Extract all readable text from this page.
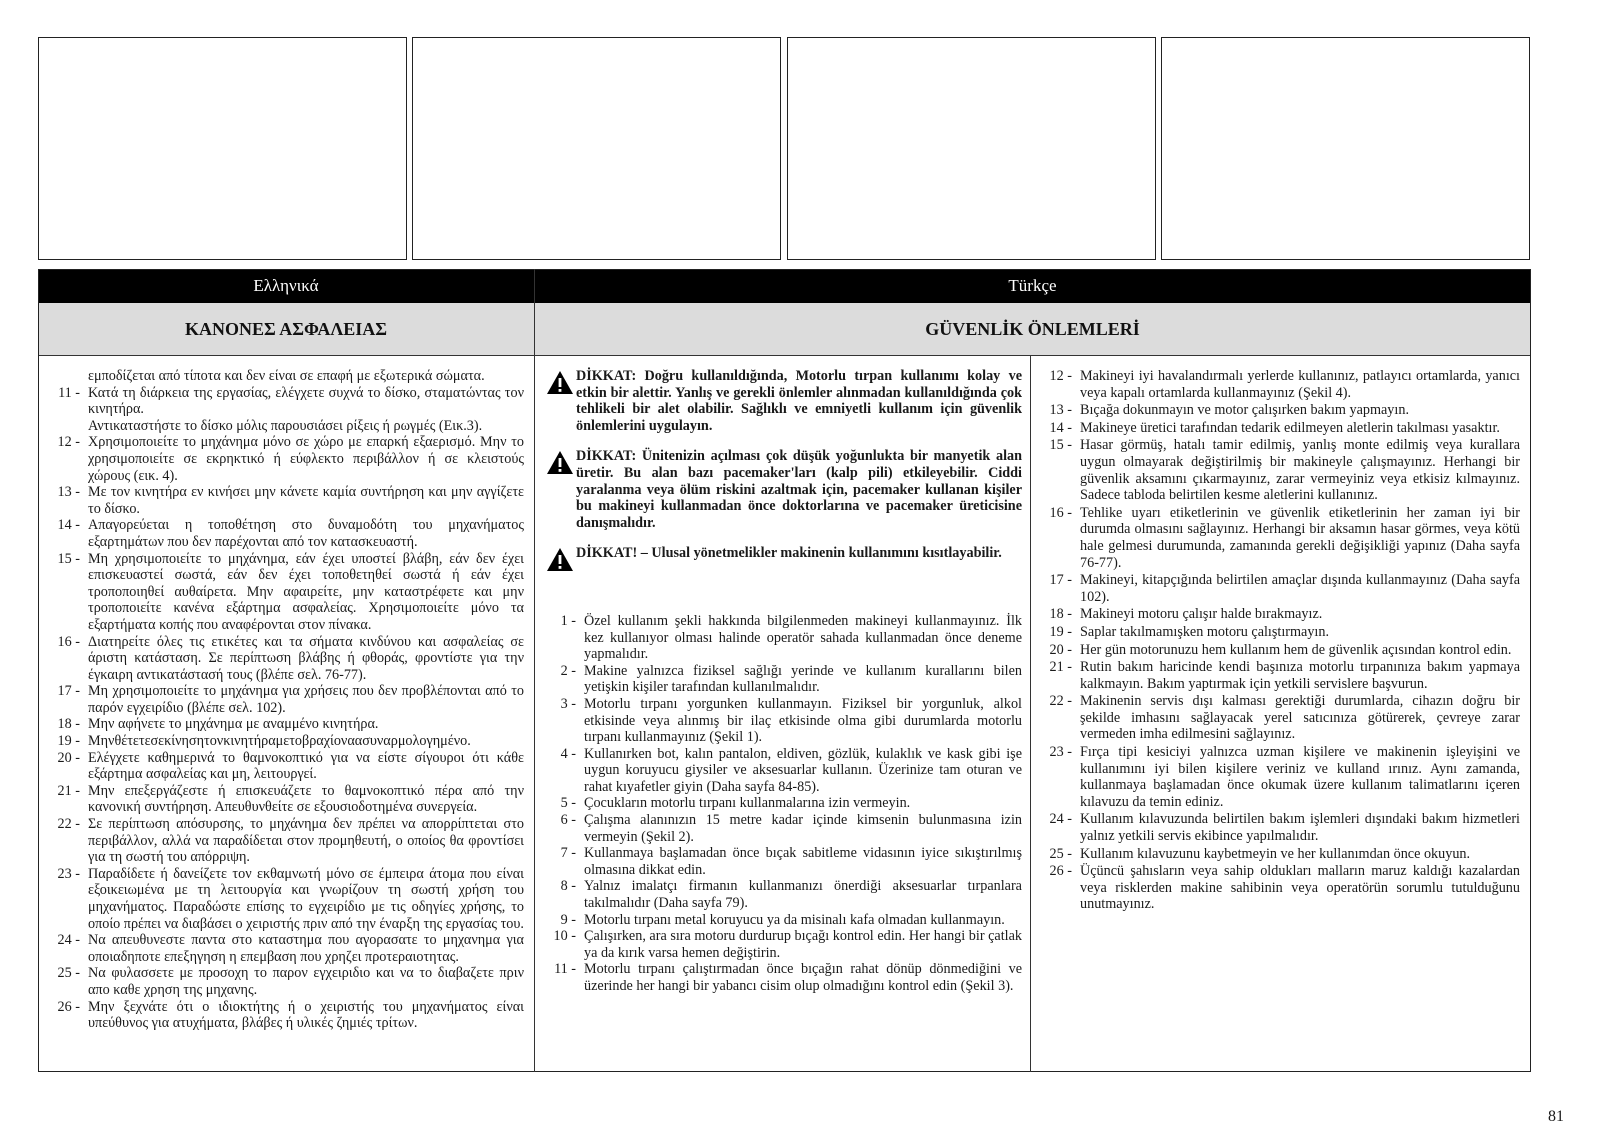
Ελληνικά	Türkçe
ΚΑΝΟΝΕΣ ΑΣΦΑΛΕΙΑΣ	GÜVENLİK ÖNLEMLERİ
εμποδίζεται από τίποτα και δεν είναι σε επαφή με εξωτερικά σώματα.
11 - Κατά τη διάρκεια της εργασίας, ελέγχετε συχνά το δίσκο, σταματώντας τον κινητήρα.
Αντικαταστήστε το δίσκο μόλις παρουσιάσει ρίξεις ή ρωγμές (Εικ.3).
12 - Χρησιμοποιείτε το μηχάνημα μόνο σε χώρο με επαρκή εξαερισμό. Μην το χρησιμοποιείτε σε εκρηκτικό ή εύφλεκτο περιβάλλον ή σε κλειστούς χώρους (εικ. 4).
13 - Με τον κινητήρα εν κινήσει μην κάνετε καμία συντήρηση και μην αγγίζετε το δίσκο.
14 - Απαγορεύεται η τοποθέτηση στο δυναμοδότη του μηχανήματος εξαρτημάτων που δεν παρέχονται από τον κατασκευαστή.
15 - Μη χρησιμοποιείτε το μηχάνημα, εάν έχει υποστεί βλάβη, εάν δεν έχει επισκευαστεί σωστά, εάν δεν έχει τοποθετηθεί σωστά ή εάν έχει τροποποιηθεί αυθαίρετα. Μην αφαιρείτε, μην καταστρέφετε και μην τροποποιείτε κανένα εξάρτημα ασφαλείας. Χρησιμοποιείτε μόνο τα εξαρτήματα κοπής που αναφέρονται στον πίνακα.
16 - Διατηρείτε όλες τις ετικέτες και τα σήματα κινδύνου και ασφαλείας σε άριστη κατάσταση. Σε περίπτωση βλάβης ή φθοράς, φροντίστε για την έγκαιρη αντικατάστασή τους (βλέπε σελ. 76-77).
17 - Μη χρησιμοποιείτε το μηχάνημα για χρήσεις που δεν προβλέπονται από το παρόν εγχειρίδιο (βλέπε σελ. 102).
18 - Μην αφήνετε το μηχάνημα με αναμμένο κινητήρα.
19 - Μηνθέτετεσεκίνησητονκινητήραμετοβραχίοναασυναρμολογημένο.
20 - Ελέγχετε καθημερινά το θαμνοκοπτικό για να είστε σίγουροι ότι κάθε εξάρτημα ασφαλείας και μη, λειτουργεί.
21 - Μην επεξεργάζεστε ή επισκευάζετε το θαμνοκοπτικό πέρα από την κανονική συντήρηση. Απευθυνθείτε σε εξουσιοδοτημένα συνεργεία.
22 - Σε περίπτωση απόσυρσης, το μηχάνημα δεν πρέπει να απορρίπτεται στο περιβάλλον, αλλά να παραδίδεται στον προμηθευτή, ο οποίος θα φροντίσει για τη σωστή του απόρριψη.
23 - Παραδίδετε ή δανείζετε τον εκθαμνωτή μόνο σε έμπειρα άτομα που είναι εξοικειωμένα με τη λειτουργία και γνωρίζουν τη σωστή χρήση του μηχανήματος. Παραδώστε επίσης το εγχειρίδιο με τις οδηγίες χρήσης, το οποίο πρέπει να διαβάσει ο χειριστής πριν από την έναρξη της εργασίας του.
24 - Να απευθυνεστε παντα στο καταστημα που αγορασατε το μηχανημα για οποιαδηποτε επεξηγηση η επεμβαση που χρηζει προτεραιοτητας.
25 - Να φυλασσετε με προσοχη το παρον εγχειριδιο και να το διαβαζετε πριν απο καθε χρηση της μηχανης.
26 - Μην ξεχνάτε ότι ο ιδιοκτήτης ή ο χειριστής του μηχανήματος είναι υπεύθυνος για ατυχήματα, βλάβες ή υλικές ζημιές τρίτων.
DİKKAT: Doğru kullanıldığında, Motorlu tırpan kullanımı kolay ve etkin bir alettir. Yanlış ve gerekli önlemler alınmadan kullanıldığında çok tehlikeli bir alet olabilir. Sağlıklı ve emniyetli kullanım için güvenlik önlemlerini uygulayın.
DİKKAT: Ünitenizin açılması çok düşük yoğunlukta bir manyetik alan üretir. Bu alan bazı pacemaker'ları (kalp pili) etkileyebilir. Ciddi yaralanma veya ölüm riskini azaltmak için, pacemaker kullanan kişiler bu makineyi kullanmadan önce doktorlarına ve pacemaker üreticisine danışmalıdır.
DİKKAT! – Ulusal yönetmelikler makinenin kullanımını kısıtlayabilir.
1 - Özel kullanım şekli hakkında bilgilenmeden makineyi kullanmayınız. İlk kez kullanıyor olması halinde operatör sahada kullanmadan önce deneme yapmalıdır.
2 - Makine yalnızca fiziksel sağlığı yerinde ve kullanım kurallarını bilen yetişkin kişiler tarafından kullanılmalıdır.
3 - Motorlu tırpanı yorgunken kullanmayın. Fiziksel bir yorgunluk, alkol etkisinde veya alınmış bir ilaç etkisinde olma gibi durumlarda motorlu tırpanı kullanmayınız (Şekil 1).
4 - Kullanırken bot, kalın pantalon, eldiven, gözlük, kulaklık ve kask gibi işe uygun koruyucu giysiler ve aksesuarlar kullanın. Üzerinize tam oturan ve rahat kıyafetler giyin (Daha sayfa 84-85).
5 - Çocukların motorlu tırpanı kullanmalarına izin vermeyin.
6 - Çalışma alanınızın 15 metre kadar içinde kimsenin bulunmasına izin vermeyin (Şekil 2).
7 - Kullanmaya başlamadan önce bıçak sabitleme vidasının iyice sıkıştırılmış olmasına dikkat edin.
8 - Yalnız imalatçı firmanın kullanmanızı önerdiği aksesuarlar tırpanlara takılmalıdır (Daha sayfa 79).
9 - Motorlu tırpanı metal koruyucu ya da misinalı kafa olmadan kullanmayın.
10 - Çalışırken, ara sıra motoru durdurup bıçağı kontrol edin. Her hangi bir çatlak ya da kırık varsa hemen değiştirin.
11 - Motorlu tırpanı çalıştırmadan önce bıçağın rahat dönüp dönmediğini ve üzerinde her hangi bir yabancı cisim olup olmadığını kontrol edin (Şekil 3).
12 - Makineyi iyi havalandırmalı yerlerde kullanınız, patlayıcı ortamlarda, yanıcı veya kapalı ortamlarda kullanmayınız (Şekil 4).
13 - Bıçağa dokunmayın ve motor çalışırken bakım yapmayın.
14 - Makineye üretici tarafından tedarik edilmeyen aletlerin takılması yasaktır.
15 - Hasar görmüş, hatalı tamir edilmiş, yanlış monte edilmiş veya kurallara uygun olmayarak değiştirilmiş bir makineyle çalışmayınız. Herhangi bir güvenlik aksamını çıkarmayınız, zarar vermeyiniz veya etkisiz kılmayınız. Sadece tabloda belirtilen kesme aletlerini kullanınız.
16 - Tehlike uyarı etiketlerinin ve güvenlik etiketlerinin her zaman iyi bir durumda olmasını sağlayınız. Herhangi bir aksamın hasar görmes, veya kötü hale gelmesi durumunda, zamanında gerekli değişikliği yapınız (Daha sayfa 76-77).
17 - Makineyi, kitapçığında belirtilen amaçlar dışında kullanmayınız (Daha sayfa 102).
18 - Makineyi motoru çalışır halde bırakmayız.
19 - Saplar takılmamışken motoru çalıştırmayın.
20 - Her gün motorunuzu hem kullanım hem de güvenlik açısından kontrol edin.
21 - Rutin bakım haricinde kendi başınıza motorlu tırpanınıza bakım yapmaya kalkmayın. Bakım yaptırmak için yetkili servislere başvurun.
22 - Makinenin servis dışı kalması gerektiği durumlarda, cihazın doğru bir şekilde imhasını sağlayacak yerel satıcınıza götürerek, çevreye zarar vermeden imha edilmesini sağlayınız.
23 - Fırça tipi kesiciyi yalnızca uzman kişilere ve makinenin işleyişini ve kullanımını iyi bilen kişilere veriniz ve kulland ırınız. Aynı zamanda, kullanmaya başlamadan önce okumak üzere kullanım talimatlarını içeren kılavuzu da temin ediniz.
24 - Kullanım kılavuzunda belirtilen bakım işlemleri dışındaki bakım hizmetleri yalnız yetkili servis ekibince yapılmalıdır.
25 - Kullanım kılavuzunu kaybetmeyin ve her kullanımdan önce okuyun.
26 - Üçüncü şahısların veya sahip oldukları malların maruz kaldığı kazalardan veya risklerden makine sahibinin veya operatörün sorumlu tutulduğunu unutmayınız.
81
